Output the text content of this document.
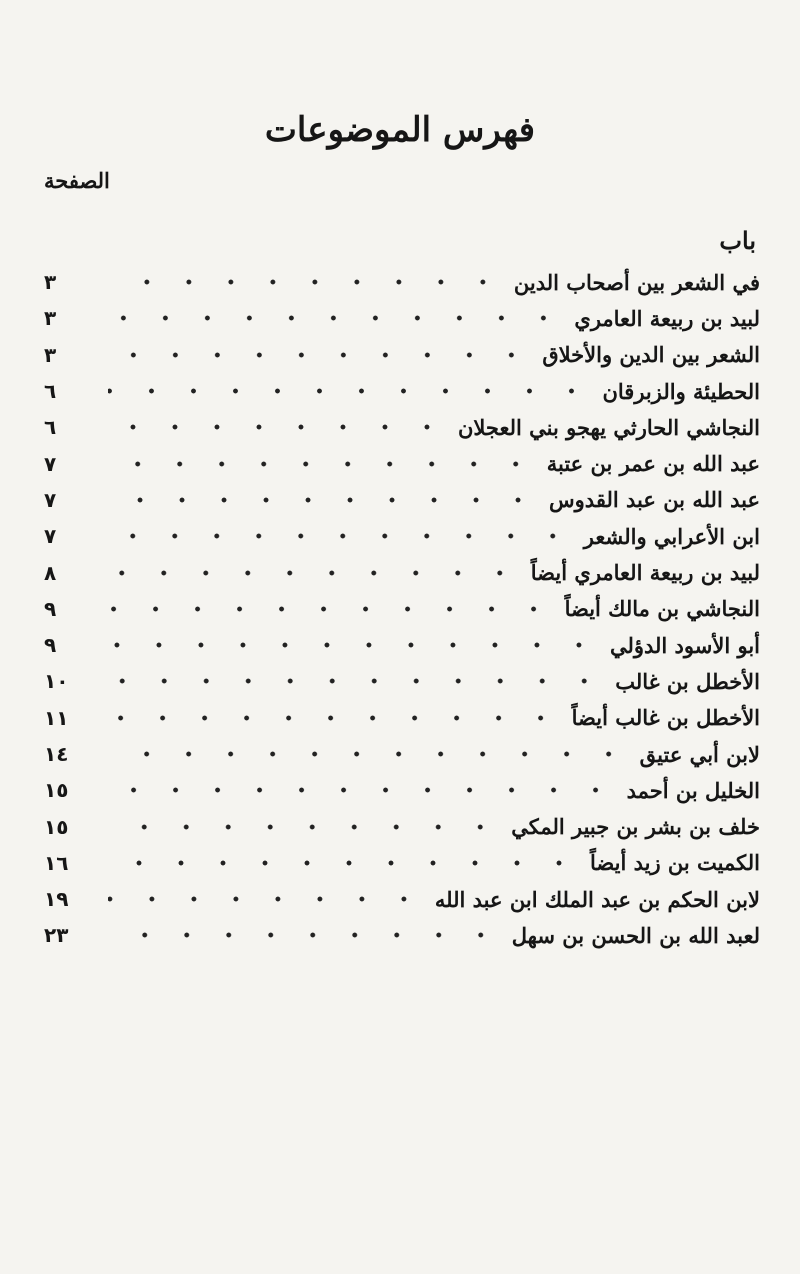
فهرس الموضوعات
الصفحة
باب
٣	في الشعر بين أصحاب الدين
٣	لبيد بن ربيعة العامري
٣	الشعر بين الدين والأخلاق
٦	الحطيئة والزبرقان
٦	النجاشي الحارثي يهجو بني العجلان
٧	عبد الله بن عمر بن عتبة
٧	عبد الله بن عبد القدوس
٧	ابن الأعرابي والشعر
٨	لبيد بن ربيعة العامري أيضاً
٩	النجاشي بن مالك أيضاً
٩	أبو الأسود الدؤلي
١٠	الأخطل بن غالب
١١	الأخطل بن غالب أيضاً
١٤	لابن أبي عتيق
١٥	الخليل بن أحمد
١٥	خلف بن بشر بن جبير المكي
١٦	الكميت بن زيد أيضاً
١٩	لابن الحكم بن عبد الملك ابن عبد الله
٢٣	لعبد الله بن الحسن بن سهل
